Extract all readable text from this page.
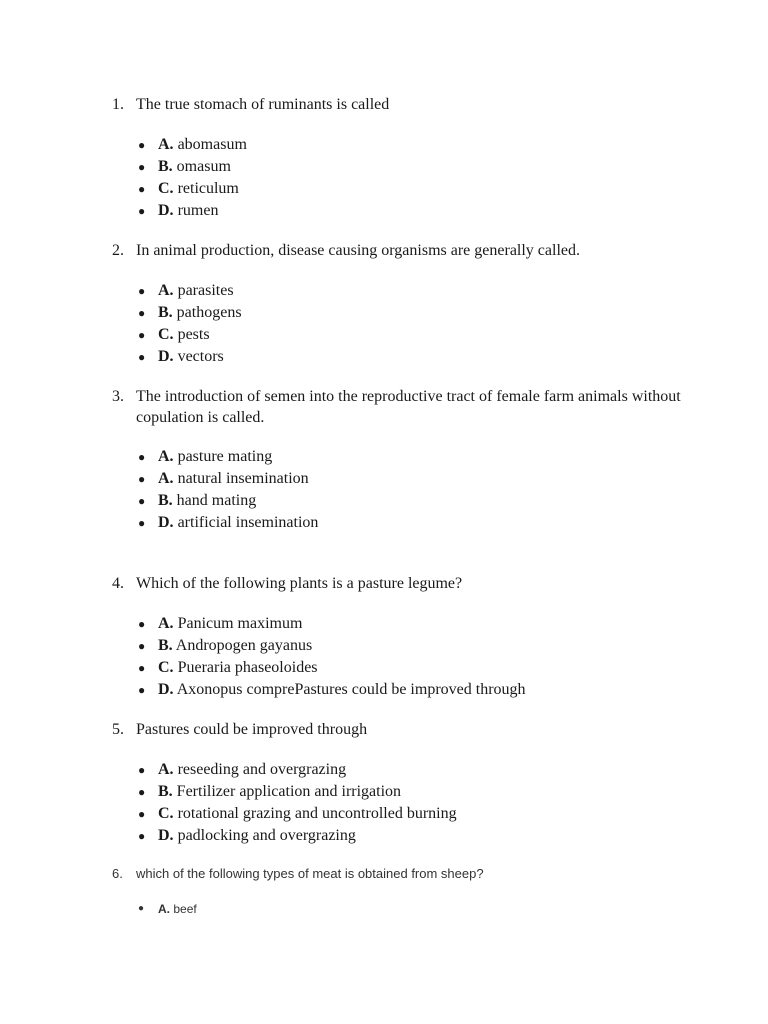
1. The true stomach of ruminants is called
● A. abomasum
● B. omasum
● C. reticulum
● D. rumen
2. In animal production, disease causing organisms are generally called.
● A. parasites
● B. pathogens
● C. pests
● D. vectors
3. The introduction of semen into the reproductive tract of female farm animals without copulation is called.
● A. pasture mating
● A. natural insemination
● B. hand mating
● D. artificial insemination
4. Which of the following plants is a pasture legume?
● A. Panicum maximum
● B. Andropogen gayanus
● C. Pueraria phaseoloides
● D. Axonopus comprePastures could be improved through
5. Pastures could be improved through
● A. reseeding and overgrazing
● B. Fertilizer application and irrigation
● C. rotational grazing and uncontrolled burning
● D. padlocking and overgrazing
6.	which of the following types of meat is obtained from sheep?
● A. beef
